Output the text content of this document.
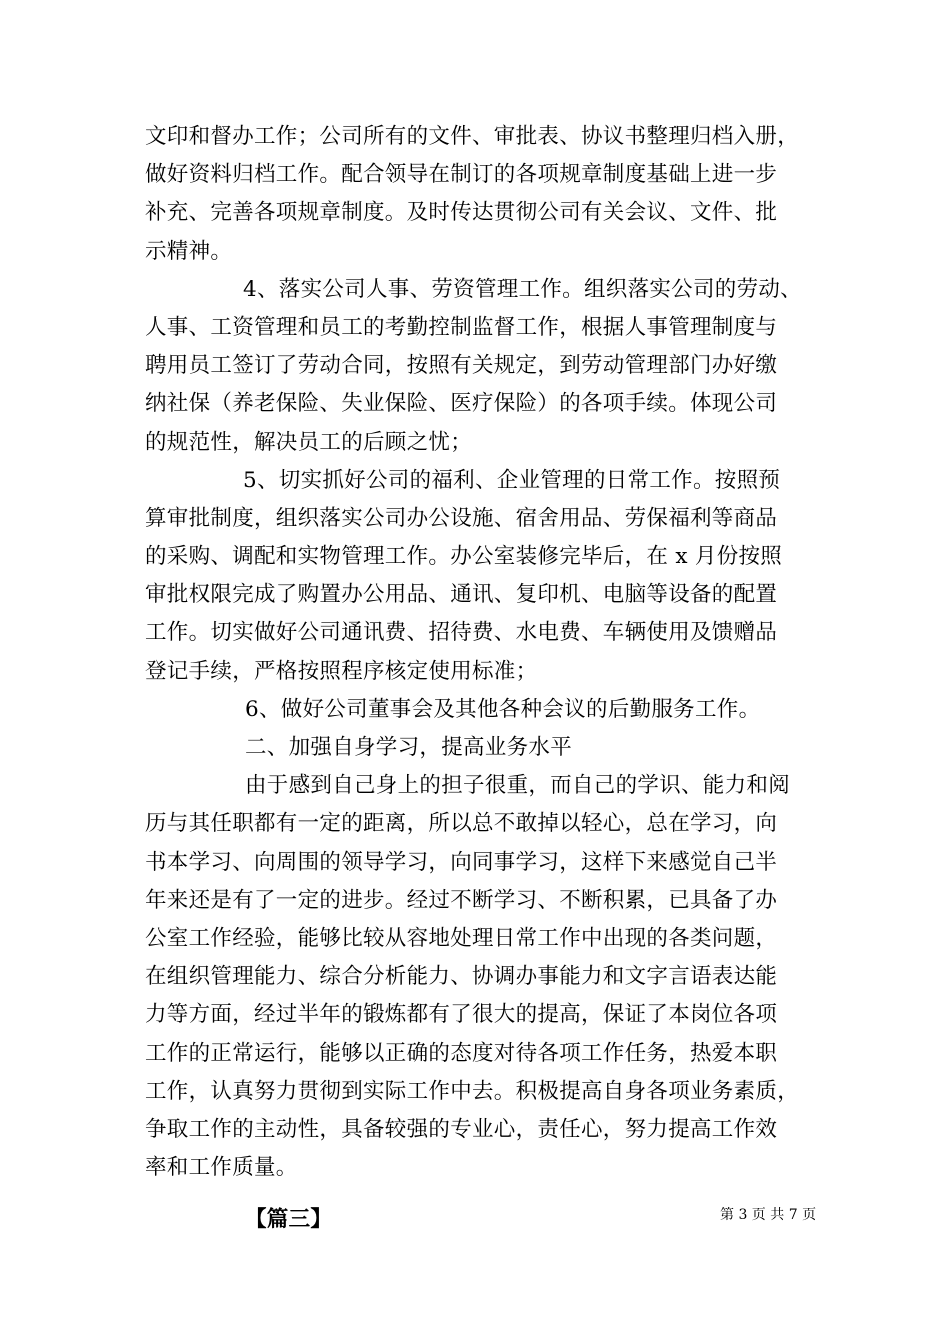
文印和督办工作；公司所有的文件、审批表、协议书整理归档入册，
做好资料归档工作。配合领导在制订的各项规章制度基础上进一步
补充、完善各项规章制度。及时传达贯彻公司有关会议、文件、批
示精神。
4、落实公司人事、劳资管理工作。组织落实公司的劳动、
人事、工资管理和员工的考勤控制监督工作，根据人事管理制度与
聘用员工签订了劳动合同，按照有关规定，到劳动管理部门办好缴
纳社保（养老保险、失业保险、医疗保险）的各项手续。体现公司
的规范性，解决员工的后顾之忧；
5、切实抓好公司的福利、企业管理的日常工作。按照预
算审批制度，组织落实公司办公设施、宿舍用品、劳保福利等商品
的采购、调配和实物管理工作。办公室装修完毕后，在 x 月份按照
审批权限完成了购置办公用品、通讯、复印机、电脑等设备的配置
工作。切实做好公司通讯费、招待费、水电费、车辆使用及馈赠品
登记手续，严格按照程序核定使用标准；
6、做好公司董事会及其他各种会议的后勤服务工作。
二、加强自身学习，提高业务水平
由于感到自己身上的担子很重，而自己的学识、能力和阅
历与其任职都有一定的距离，所以总不敢掉以轻心，总在学习，向
书本学习、向周围的领导学习，向同事学习，这样下来感觉自己半
年来还是有了一定的进步。经过不断学习、不断积累，已具备了办
公室工作经验，能够比较从容地处理日常工作中出现的各类问题，
在组织管理能力、综合分析能力、协调办事能力和文字言语表达能
力等方面，经过半年的锻炼都有了很大的提高，保证了本岗位各项
工作的正常运行，能够以正确的态度对待各项工作任务，热爱本职
工作，认真努力贯彻到实际工作中去。积极提高自身各项业务素质，
争取工作的主动性，具备较强的专业心，责任心，努力提高工作效
率和工作质量。
【篇三】	第 3 页 共 7 页
